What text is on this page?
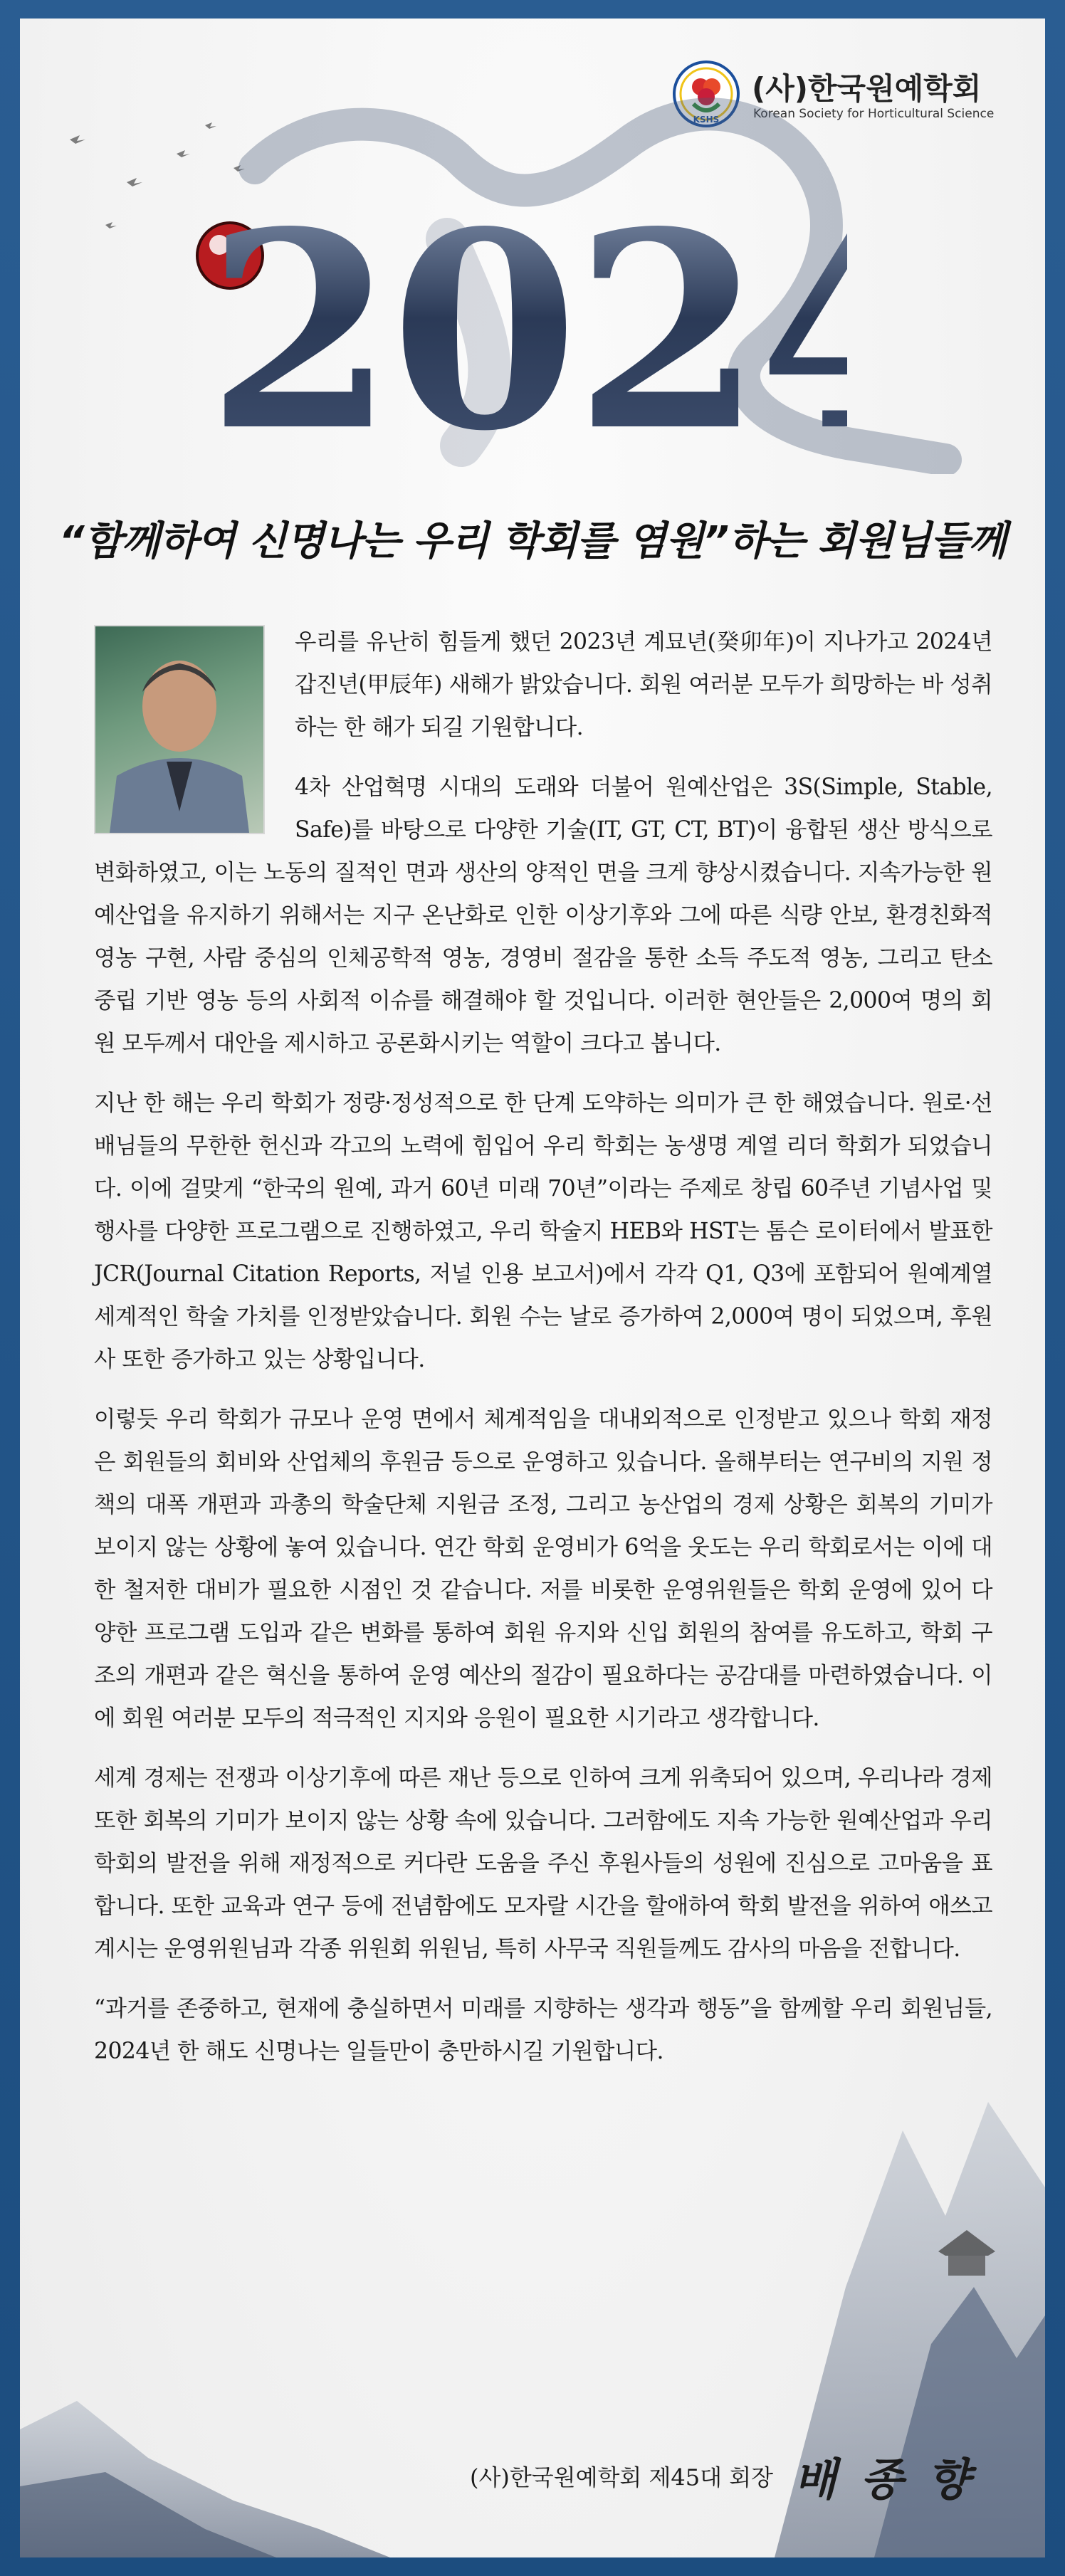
KSHS
(사)한국원예학회
Korean Society for Horticultural Science
2024
“함께하여 신명나는 우리 학회를 염원”하는 회원님들께

우리를 유난히 힘들게 했던 2023년 계묘년(癸卯年)이 지나가고 2024년 갑진년(甲辰年) 새해가 밝았습니다. 회원 여러분 모두가 희망하는 바 성취하는 한 해가 되길 기원합니다.

4차 산업혁명 시대의 도래와 더불어 원예산업은 3S(Simple, Stable, Safe)를 바탕으로 다양한 기술(IT, GT, CT, BT)이 융합된 생산 방식으로 변화하였고, 이는 노동의 질적인 면과 생산의 양적인 면을 크게 향상시켰습니다. 지속가능한 원예산업을 유지하기 위해서는 지구 온난화로 인한 이상기후와 그에 따른 식량 안보, 환경친화적 영농 구현, 사람 중심의 인체공학적 영농, 경영비 절감을 통한 소득 주도적 영농, 그리고 탄소 중립 기반 영농 등의 사회적 이슈를 해결해야 할 것입니다. 이러한 현안들은 2,000여 명의 회원 모두께서 대안을 제시하고 공론화시키는 역할이 크다고 봅니다.

지난 한 해는 우리 학회가 정량·정성적으로 한 단계 도약하는 의미가 큰 한 해였습니다. 원로·선배님들의 무한한 헌신과 각고의 노력에 힘입어 우리 학회는 농생명 계열 리더 학회가 되었습니다. 이에 걸맞게 “한국의 원예, 과거 60년 미래 70년”이라는 주제로 창립 60주년 기념사업 및 행사를 다양한 프로그램으로 진행하였고, 우리 학술지 HEB와 HST는 톰슨 로이터에서 발표한 JCR(Journal Citation Reports, 저널 인용 보고서)에서 각각 Q1, Q3에 포함되어 원예계열 세계적인 학술 가치를 인정받았습니다. 회원 수는 날로 증가하여 2,000여 명이 되었으며, 후원사 또한 증가하고 있는 상황입니다.

이렇듯 우리 학회가 규모나 운영 면에서 체계적임을 대내외적으로 인정받고 있으나 학회 재정은 회원들의 회비와 산업체의 후원금 등으로 운영하고 있습니다. 올해부터는 연구비의 지원 정책의 대폭 개편과 과총의 학술단체 지원금 조정, 그리고 농산업의 경제 상황은 회복의 기미가 보이지 않는 상황에 놓여 있습니다. 연간 학회 운영비가 6억을 웃도는 우리 학회로서는 이에 대한 철저한 대비가 필요한 시점인 것 같습니다. 저를 비롯한 운영위원들은 학회 운영에 있어 다양한 프로그램 도입과 같은 변화를 통하여 회원 유지와 신입 회원의 참여를 유도하고, 학회 구조의 개편과 같은 혁신을 통하여 운영 예산의 절감이 필요하다는 공감대를 마련하였습니다. 이에 회원 여러분 모두의 적극적인 지지와 응원이 필요한 시기라고 생각합니다.

세계 경제는 전쟁과 이상기후에 따른 재난 등으로 인하여 크게 위축되어 있으며, 우리나라 경제 또한 회복의 기미가 보이지 않는 상황 속에 있습니다. 그러함에도 지속 가능한 원예산업과 우리 학회의 발전을 위해 재정적으로 커다란 도움을 주신 후원사들의 성원에 진심으로 고마움을 표합니다. 또한 교육과 연구 등에 전념함에도 모자랄 시간을 할애하여 학회 발전을 위하여 애쓰고 계시는 운영위원님과 각종 위원회 위원님, 특히 사무국 직원들께도 감사의 마음을 전합니다.

“과거를 존중하고, 현재에 충실하면서 미래를 지향하는 생각과 행동”을 함께할 우리 회원님들, 2024년 한 해도 신명나는 일들만이 충만하시길 기원합니다.

(사)한국원예학회 제45대 회장 배 종 향
